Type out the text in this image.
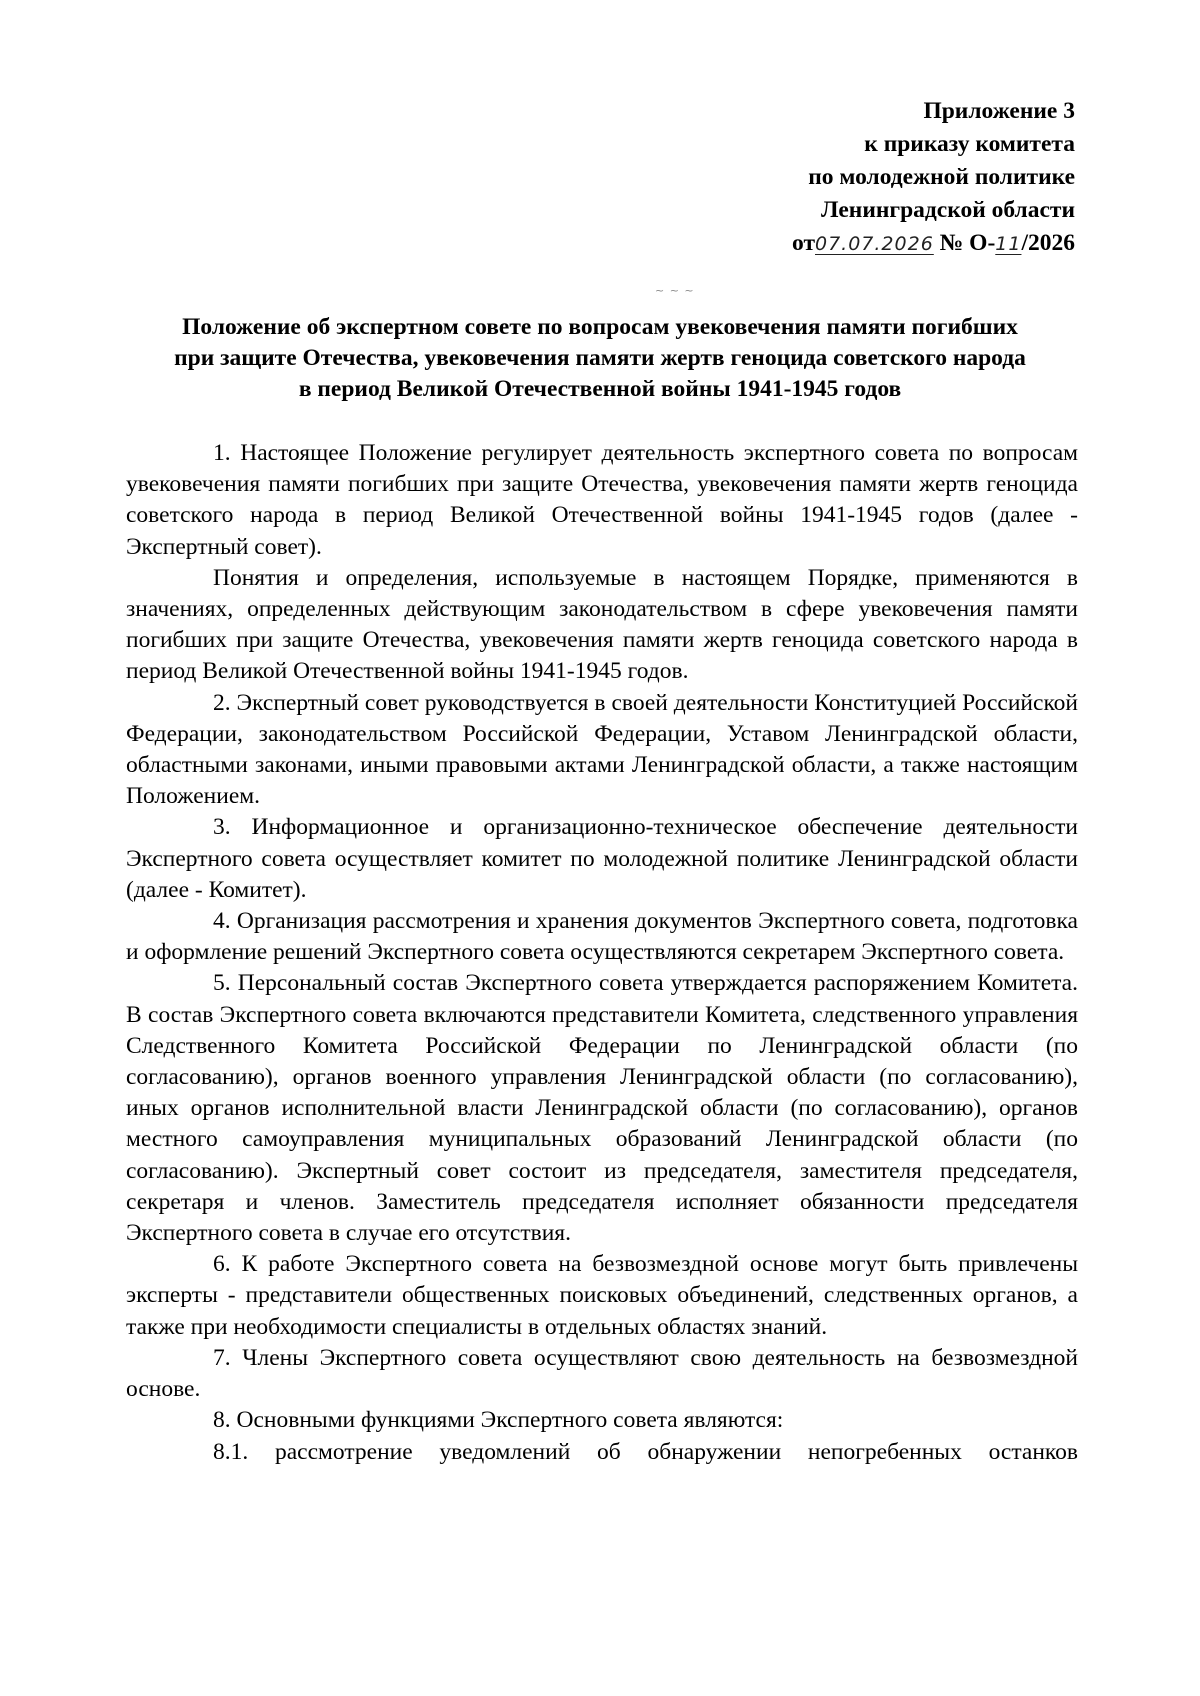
Приложение 3
к приказу комитета
по молодежной политике
Ленинградской области
от07.07.2026 № О-11/2026
~ ~ ~
Положение об экспертном совете по вопросам увековечения памяти погибших
при защите Отечества, увековечения памяти жертв геноцида советского народа
в период Великой Отечественной войны 1941-1945 годов

1. Настоящее Положение регулирует деятельность экспертного совета по вопросам увековечения памяти погибших при защите Отечества, увековечения памяти жертв геноцида советского народа в период Великой Отечественной войны 1941-1945 годов (далее - Экспертный совет).

Понятия и определения, используемые в настоящем Порядке, применяются в значениях, определенных действующим законодательством в сфере увековечения памяти погибших при защите Отечества, увековечения памяти жертв геноцида советского народа в период Великой Отечественной войны 1941-1945 годов.

2. Экспертный совет руководствуется в своей деятельности Конституцией Российской Федерации, законодательством Российской Федерации, Уставом Ленинградской области, областными законами, иными правовыми актами Ленинградской области, а также настоящим Положением.

3. Информационное и организационно-техническое обеспечение деятельности Экспертного совета осуществляет комитет по молодежной политике Ленинградской области (далее - Комитет).

4. Организация рассмотрения и хранения документов Экспертного совета, подготовка и оформление решений Экспертного совета осуществляются секретарем Экспертного совета.

5. Персональный состав Экспертного совета утверждается распоряжением Комитета. В состав Экспертного совета включаются представители Комитета, следственного управления Следственного Комитета Российской Федерации по Ленинградской области (по согласованию), органов военного управления Ленинградской области (по согласованию), иных органов исполнительной власти Ленинградской области (по согласованию), органов местного самоуправления муниципальных образований Ленинградской области (по согласованию). Экспертный совет состоит из председателя, заместителя председателя, секретаря и членов. Заместитель председателя исполняет обязанности председателя Экспертного совета в случае его отсутствия.

6. К работе Экспертного совета на безвозмездной основе могут быть привлечены эксперты - представители общественных поисковых объединений, следственных органов, а также при необходимости специалисты в отдельных областях знаний.

7. Члены Экспертного совета осуществляют свою деятельность на безвозмездной основе.

8. Основными функциями Экспертного совета являются:

8.1. рассмотрение уведомлений об обнаружении непогребенных останков
